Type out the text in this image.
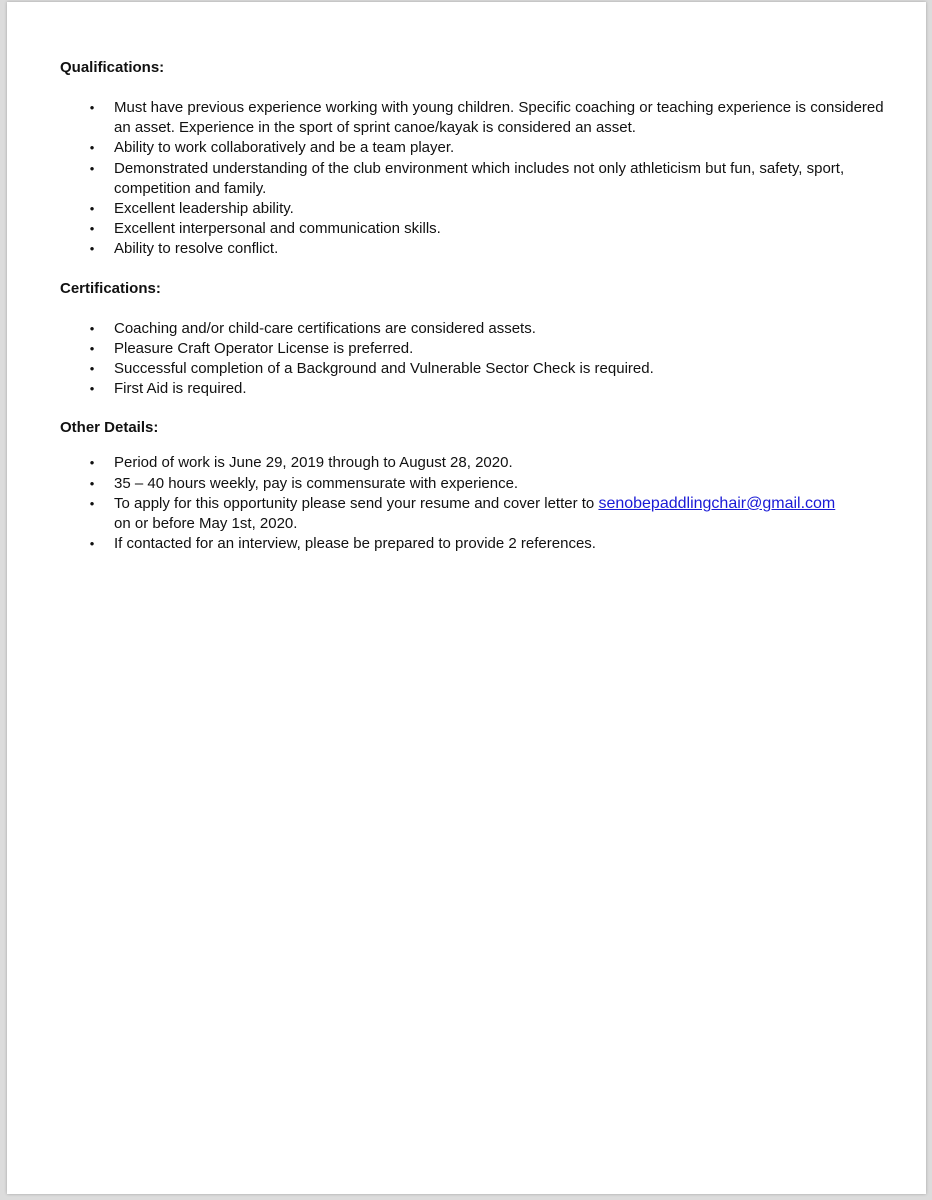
Qualifications:
• Must have previous experience working with young children. Specific coaching or teaching experience is considered an asset. Experience in the sport of sprint canoe/kayak is considered an asset.
• Ability to work collaboratively and be a team player.
• Demonstrated understanding of the club environment which includes not only athleticism but fun, safety, sport, competition and family.
• Excellent leadership ability.
• Excellent interpersonal and communication skills.
• Ability to resolve conflict.
Certifications:
• Coaching and/or child-care certifications are considered assets.
• Pleasure Craft Operator License is preferred.
• Successful completion of a Background and Vulnerable Sector Check is required.
• First Aid is required.
Other Details:
• Period of work is June 29, 2019 through to August 28, 2020.
• 35 – 40 hours weekly, pay is commensurate with experience.
• To apply for this opportunity please send your resume and cover letter to senobepaddlingchair@gmail.com
on or before May 1st, 2020.
• If contacted for an interview, please be prepared to provide 2 references.
